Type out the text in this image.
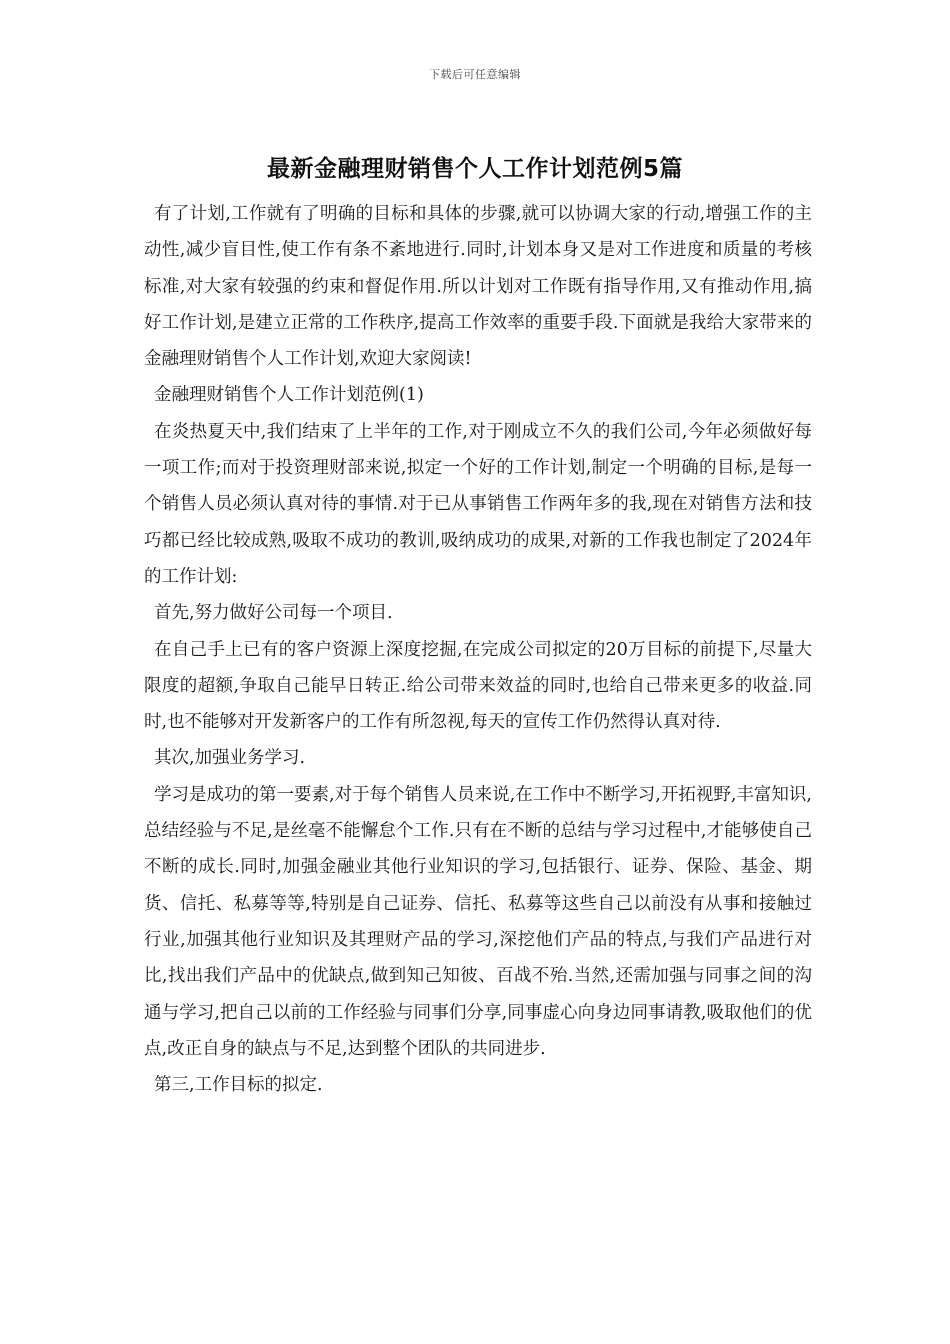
下载后可任意编辑
最新金融理财销售个人工作计划范例5篇

有了计划,工作就有了明确的目标和具体的步骤,就可以协调大家的行动,增强工作的主动性,减少盲目性,使工作有条不紊地进行.同时,计划本身又是对工作进度和质量的考核标准,对大家有较强的约束和督促作用.所以计划对工作既有指导作用,又有推动作用,搞好工作计划,是建立正常的工作秩序,提高工作效率的重要手段.下面就是我给大家带来的金融理财销售个人工作计划,欢迎大家阅读!

金融理财销售个人工作计划范例(1)

在炎热夏天中,我们结束了上半年的工作,对于刚成立不久的我们公司,今年必须做好每一项工作;而对于投资理财部来说,拟定一个好的工作计划,制定一个明确的目标,是每一个销售人员必须认真对待的事情.对于已从事销售工作两年多的我,现在对销售方法和技巧都已经比较成熟,吸取不成功的教训,吸纳成功的成果,对新的工作我也制定了2024年的工作计划:

首先,努力做好公司每一个项目.

在自己手上已有的客户资源上深度挖掘,在完成公司拟定的20万目标的前提下,尽量大限度的超额,争取自己能早日转正.给公司带来效益的同时,也给自己带来更多的收益.同时,也不能够对开发新客户的工作有所忽视,每天的宣传工作仍然得认真对待.

其次,加强业务学习.

学习是成功的第一要素,对于每个销售人员来说,在工作中不断学习,开拓视野,丰富知识,总结经验与不足,是丝毫不能懈怠个工作.只有在不断的总结与学习过程中,才能够使自己不断的成长.同时,加强金融业其他行业知识的学习,包括银行、证券、保险、基金、期货、信托、私募等等,特别是自己证券、信托、私募等这些自己以前没有从事和接触过行业,加强其他行业知识及其理财产品的学习,深挖他们产品的特点,与我们产品进行对比,找出我们产品中的优缺点,做到知己知彼、百战不殆.当然,还需加强与同事之间的沟通与学习,把自己以前的工作经验与同事们分享,同事虚心向身边同事请教,吸取他们的优点,改正自身的缺点与不足,达到整个团队的共同进步.

第三,工作目标的拟定.
